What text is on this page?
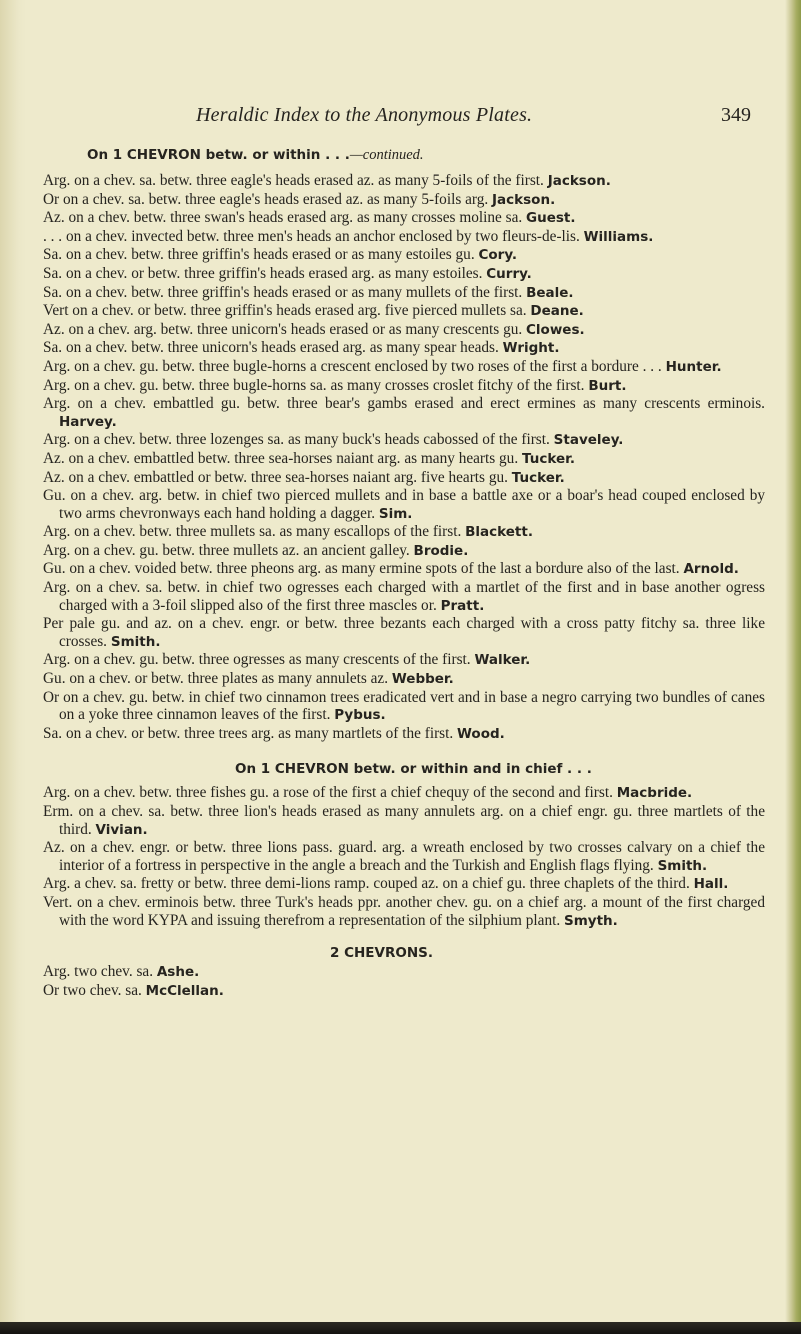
Heraldic Index to the Anonymous Plates.	349
On 1 CHEVRON betw. or within . . .—continued.
Arg. on a chev. sa. betw. three eagle's heads erased az. as many 5-foils of the first. Jackson.
Or on a chev. sa. betw. three eagle's heads erased az. as many 5-foils arg. Jackson.
Az. on a chev. betw. three swan's heads erased arg. as many crosses moline sa. Guest.
. . . on a chev. invected betw. three men's heads an anchor enclosed by two fleurs-de-lis. Williams.
Sa. on a chev. betw. three griffin's heads erased or as many estoiles gu. Cory.
Sa. on a chev. or betw. three griffin's heads erased arg. as many estoiles. Curry.
Sa. on a chev. betw. three griffin's heads erased or as many mullets of the first. Beale.
Vert on a chev. or betw. three griffin's heads erased arg. five pierced mullets sa. Deane.
Az. on a chev. arg. betw. three unicorn's heads erased or as many crescents gu. Clowes.
Sa. on a chev. betw. three unicorn's heads erased arg. as many spear heads. Wright.
Arg. on a chev. gu. betw. three bugle-horns a crescent enclosed by two roses of the first a bordure . . . Hunter.
Arg. on a chev. gu. betw. three bugle-horns sa. as many crosses croslet fitchy of the first. Burt.
Arg. on a chev. embattled gu. betw. three bear's gambs erased and erect ermines as many crescents erminois. Harvey.
Arg. on a chev. betw. three lozenges sa. as many buck's heads cabossed of the first. Staveley.
Az. on a chev. embattled betw. three sea-horses naiant arg. as many hearts gu. Tucker.
Az. on a chev. embattled or betw. three sea-horses naiant arg. five hearts gu. Tucker.
Gu. on a chev. arg. betw. in chief two pierced mullets and in base a battle axe or a boar's head couped enclosed by two arms chevronways each hand holding a dagger. Sim.
Arg. on a chev. betw. three mullets sa. as many escallops of the first. Blackett.
Arg. on a chev. gu. betw. three mullets az. an ancient galley. Brodie.
Gu. on a chev. voided betw. three pheons arg. as many ermine spots of the last a bordure also of the last. Arnold.
Arg. on a chev. sa. betw. in chief two ogresses each charged with a martlet of the first and in base another ogress charged with a 3-foil slipped also of the first three mascles or. Pratt.
Per pale gu. and az. on a chev. engr. or betw. three bezants each charged with a cross patty fitchy sa. three like crosses. Smith.
Arg. on a chev. gu. betw. three ogresses as many crescents of the first. Walker.
Gu. on a chev. or betw. three plates as many annulets az. Webber.
Or on a chev. gu. betw. in chief two cinnamon trees eradicated vert and in base a negro carrying two bundles of canes on a yoke three cinnamon leaves of the first. Pybus.
Sa. on a chev. or betw. three trees arg. as many martlets of the first. Wood.
On 1 CHEVRON betw. or within and in chief . . .
Arg. on a chev. betw. three fishes gu. a rose of the first a chief chequy of the second and first. Macbride.
Erm. on a chev. sa. betw. three lion's heads erased as many annulets arg. on a chief engr. gu. three martlets of the third. Vivian.
Az. on a chev. engr. or betw. three lions pass. guard. arg. a wreath enclosed by two crosses calvary on a chief the interior of a fortress in perspective in the angle a breach and the Turkish and English flags flying. Smith.
Arg. a chev. sa. fretty or betw. three demi-lions ramp. couped az. on a chief gu. three chaplets of the third. Hall.
Vert. on a chev. erminois betw. three Turk's heads ppr. another chev. gu. on a chief arg. a mount of the first charged with the word KYPA and issuing therefrom a representation of the silphium plant. Smyth.
2 CHEVRONS.
Arg. two chev. sa. Ashe.
Or two chev. sa. McClellan.
